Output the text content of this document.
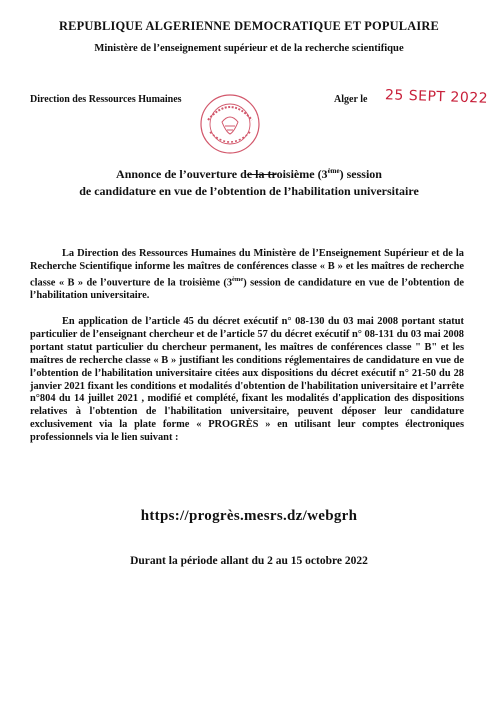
REPUBLIQUE ALGERIENNE DEMOCRATIQUE ET POPULAIRE
Ministère de l’enseignement supérieur et de la recherche scientifique
Direction des Ressources Humaines	Alger le 25 SEPT 2022
Annonce de l’ouverture de la troisième (3ème) session
de candidature en vue de l’obtention de l’habilitation universitaire
La Direction des Ressources Humaines du Ministère de l’Enseignement Supérieur et de la Recherche Scientifique informe les maîtres de conférences classe « B » et les maîtres de recherche classe « B » de l’ouverture de la troisième (3ème) session de candidature en vue de l’obtention de l’habilitation universitaire.
En application de l’article 45 du décret exécutif n° 08-130 du 03 mai 2008 portant statut particulier de l’enseignant chercheur et de l’article 57 du décret exécutif n° 08-131 du 03 mai 2008 portant statut particulier du chercheur permanent, les maîtres de conférences classe " B" et les maîtres de recherche classe « B » justifiant les conditions réglementaires de candidature en vue de l’obtention de l’habilitation universitaire citées aux dispositions du décret exécutif n° 21-50 du 28 janvier 2021 fixant les conditions et modalités d'obtention de l'habilitation universitaire et l’arrête n°804 du 14 juillet 2021 , modifié et complété, fixant les modalités d'application des dispositions relatives à l'obtention de l'habilitation universitaire, peuvent déposer leur candidature exclusivement via la plate forme « PROGRÈS » en utilisant leur comptes électroniques professionnels via le lien suivant :
https://progrès.mesrs.dz/webgrh
Durant la période allant du 2 au 15 octobre 2022
